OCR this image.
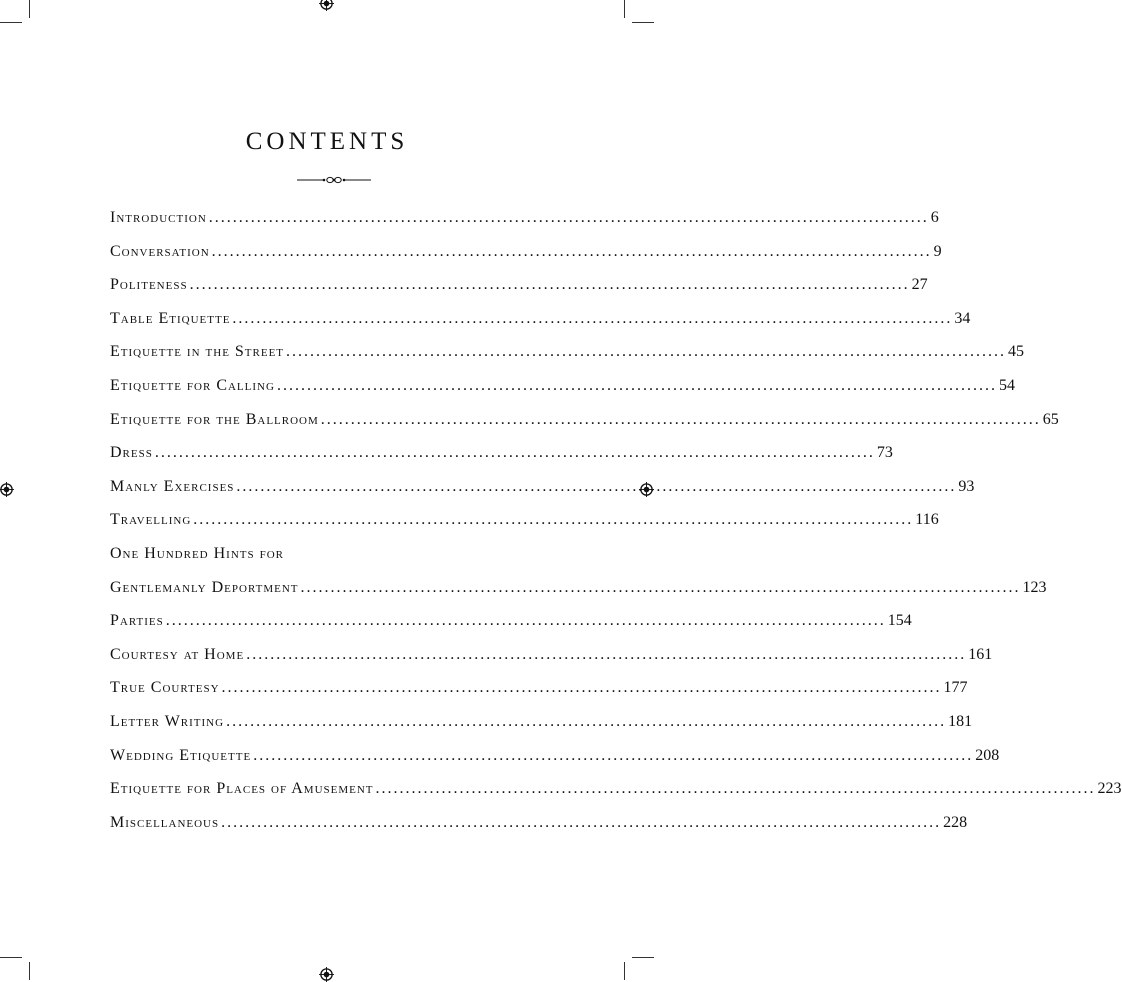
CONTENTS
Introduction ........................................................................................................................ 6
Conversation ........................................................................................................................ 9
Politeness ........................................................................................................................ 27
Table Etiquette ........................................................................................................................ 34
Etiquette in the Street ........................................................................................................................ 45
Etiquette for Calling ........................................................................................................................ 54
Etiquette for the Ballroom ........................................................................................................................ 65
Dress ........................................................................................................................ 73
Manly Exercises ........................................................................................................................ 93
Travelling ........................................................................................................................ 116
One Hundred Hints for
Gentlemanly Deportment ........................................................................................................................ 123
Parties ........................................................................................................................ 154
Courtesy at Home ........................................................................................................................ 161
True Courtesy ........................................................................................................................ 177
Letter Writing ........................................................................................................................ 181
Wedding Etiquette ........................................................................................................................ 208
Etiquette for Places of Amusement ........................................................................................................................ 223
Miscellaneous ........................................................................................................................ 228
